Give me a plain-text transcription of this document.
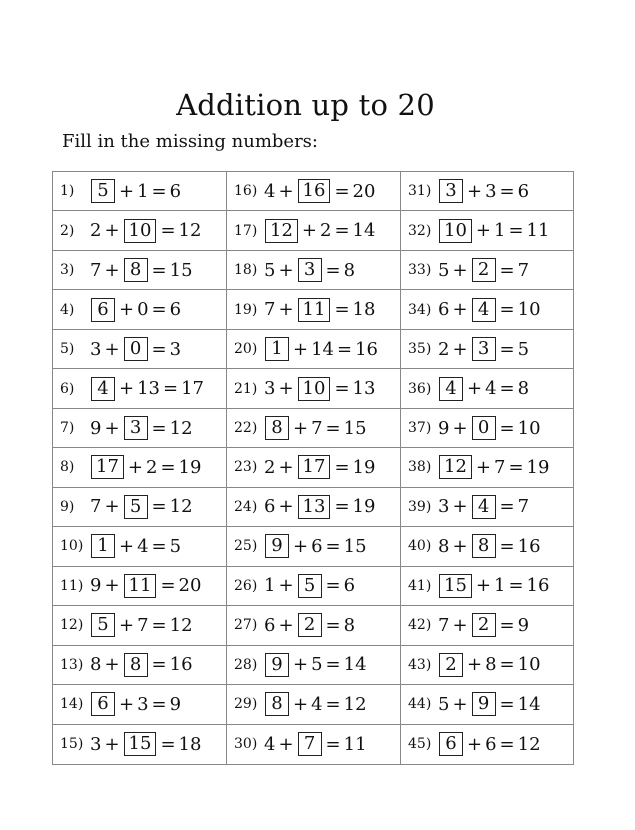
Addition up to 20
Fill in the missing numbers:
1)	5 + 1 = 6	16) 4 + 16 = 20 31) 3 + 3 = 6
2) 2 + 10 = 12 17) 12 + 2 = 14 32) 10 + 1 = 11
3) 7 + 8 = 15	18) 5 + 3 = 8	33) 5 + 2 = 7
4)	6 + 0 = 6	19) 7 + 11 = 18 34) 6 + 4 = 10
5) 3 + 0 = 3	20) 1 + 14 = 16 35) 2 + 3 = 5
6)	4 + 13 = 17 21) 3 + 10 = 13 36) 4 + 4 = 8
7) 9 + 3 = 12	22) 8 + 7 = 15	37) 9 + 0 = 10
8)	17 + 2 = 19 23) 2 + 17 = 19 38) 12 + 7 = 19
9) 7 + 5 = 12	24) 6 + 13 = 19 39) 3 + 4 = 7
10) 1 + 4 = 5	25) 9 + 6 = 15	40) 8 + 8 = 16
11) 9 + 11 = 20 26) 1 + 5 = 6	41) 15 + 1 = 16
12) 5 + 7 = 12	27) 6 + 2 = 8	42) 7 + 2 = 9
13) 8 + 8 = 16	28) 9 + 5 = 14	43) 2 + 8 = 10
14) 6 + 3 = 9	29) 8 + 4 = 12	44) 5 + 9 = 14
15) 3 + 15 = 18 30) 4 + 7 = 11	45) 6 + 6 = 12
